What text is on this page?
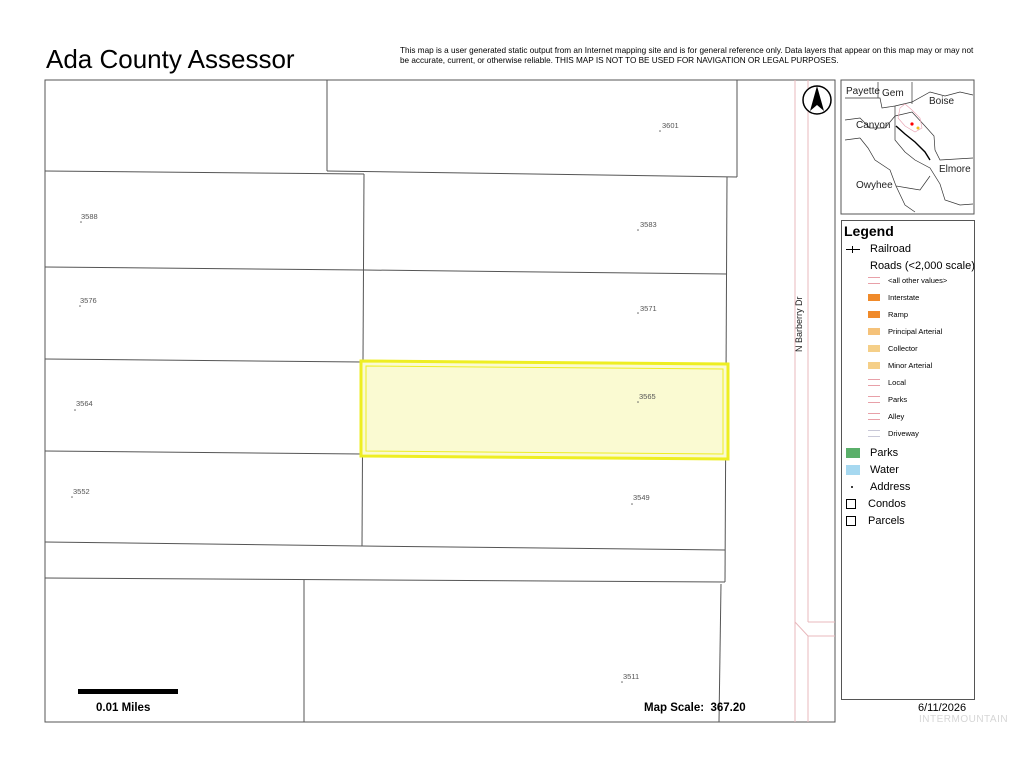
Ada County Assessor	This map is a user generated static output from an Internet mapping site and is for general reference only. Data layers that appear on this map may or may not be accurate, current, or otherwise reliable. THIS MAP IS NOT TO BE USED FOR NAVIGATION OR LEGAL PURPOSES.
3601
3588
3583
3576
3571
3564
3565
3552
3549
3511
N Barberry Dr
Payette Gem
Boise
Canyon
Elmore
Owyhee
Legend
Railroad
Roads (<2,000 scale)
<all other values>
Interstate
Ramp
Principal Arterial
Collector
Minor Arterial
Local
Parks
Alley
Driveway
Parks
Water
Address
Condos
Parcels
0.01 Miles	Map Scale: 367.20	6/11/2026
INTERMOUNTAIN
